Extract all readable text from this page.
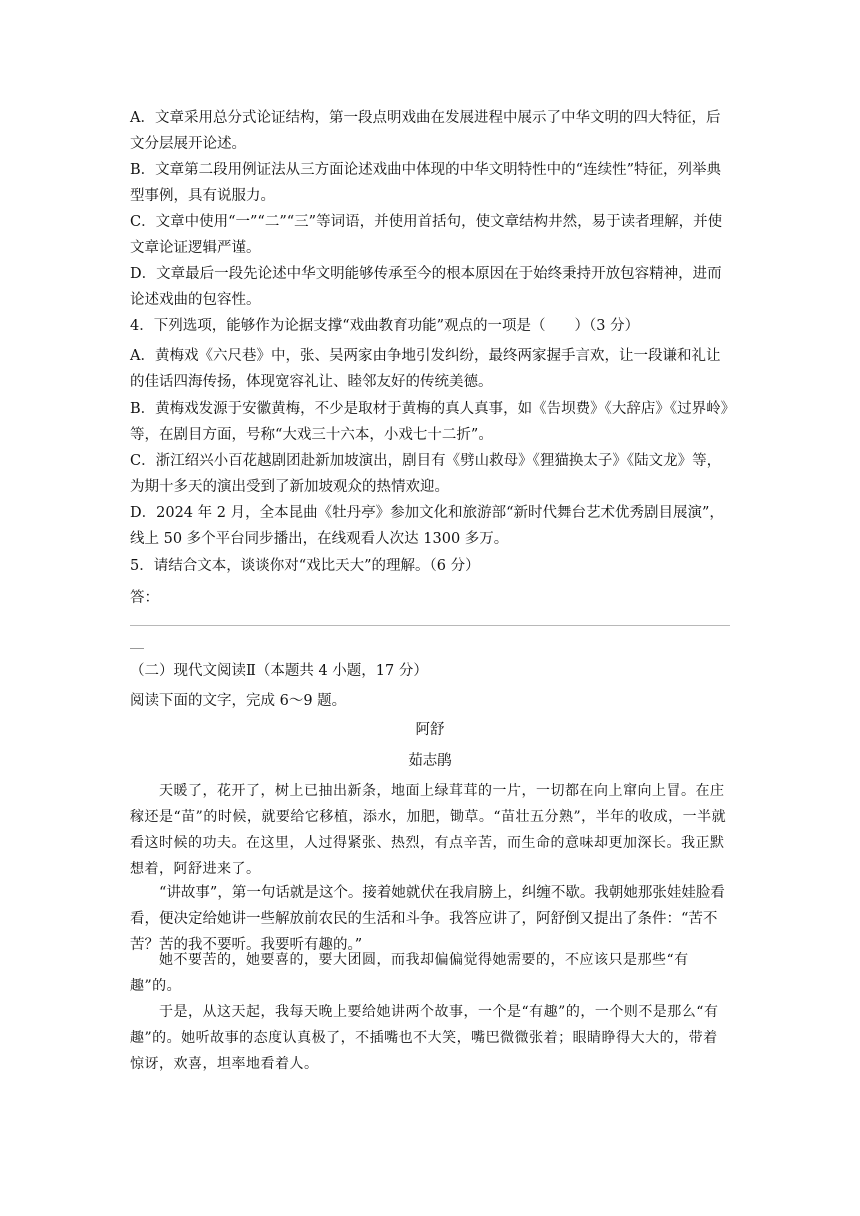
A．文章采用总分式论证结构，第一段点明戏曲在发展进程中展示了中华文明的四大特征，后文分层展开论述。

B．文章第二段用例证法从三方面论述戏曲中体现的中华文明特性中的“连续性”特征，列举典型事例，具有说服力。

C．文章中使用“一”“二”“三”等词语，并使用首括句，使文章结构井然，易于读者理解，并使文章论证逻辑严谨。

D．文章最后一段先论述中华文明能够传承至今的根本原因在于始终秉持开放包容精神，进而论述戏曲的包容性。

4．下列选项，能够作为论据支撑“戏曲教育功能”观点的一项是（　　）（3 分）

A．黄梅戏《六尺巷》中，张、吴两家由争地引发纠纷，最终两家握手言欢，让一段谦和礼让的佳话四海传扬，体现宽容礼让、睦邻友好的传统美德。

B．黄梅戏发源于安徽黄梅，不少是取材于黄梅的真人真事，如《告坝费》《大辞店》《过界岭》等，在剧目方面，号称“大戏三十六本，小戏七十二折”。

C．浙江绍兴小百花越剧团赴新加坡演出，剧目有《劈山救母》《狸猫换太子》《陆文龙》等，为期十多天的演出受到了新加坡观众的热情欢迎。

D．2024 年 2 月，全本昆曲《牡丹亭》参加文化和旅游部“新时代舞台艺术优秀剧目展演”，线上 50 多个平台同步播出，在线观看人次达 1300 多万。

5．请结合文本，谈谈你对“戏比天大”的理解。（6 分）

答：

（二）现代文阅读Ⅱ（本题共 4 小题，17 分）

阅读下面的文字，完成 6～9 题。

阿舒

茹志鹃

天暖了，花开了，树上已抽出新条，地面上绿茸茸的一片，一切都在向上窜向上冒。在庄稼还是“苗”的时候，就要给它移植，添水，加肥，锄草。“苗壮五分熟”，半年的收成，一半就看这时候的功夫。在这里，人过得紧张、热烈，有点辛苦，而生命的意味却更加深长。我正默想着，阿舒进来了。

“讲故事”，第一句话就是这个。接着她就伏在我肩膀上，纠缠不歇。我朝她那张娃娃脸看看，便决定给她讲一些解放前农民的生活和斗争。我答应讲了，阿舒倒又提出了条件：“苦不苦？苦的我不要听。我要听有趣的。”

她不要苦的，她要喜的，要大团圆，而我却偏偏觉得她需要的，不应该只是那些“有趣”的。

于是，从这天起，我每天晚上要给她讲两个故事，一个是“有趣”的，一个则不是那么“有趣”的。她听故事的态度认真极了，不插嘴也不大笑，嘴巴微微张着；眼睛睁得大大的，带着惊讶，欢喜，坦率地看着人。
